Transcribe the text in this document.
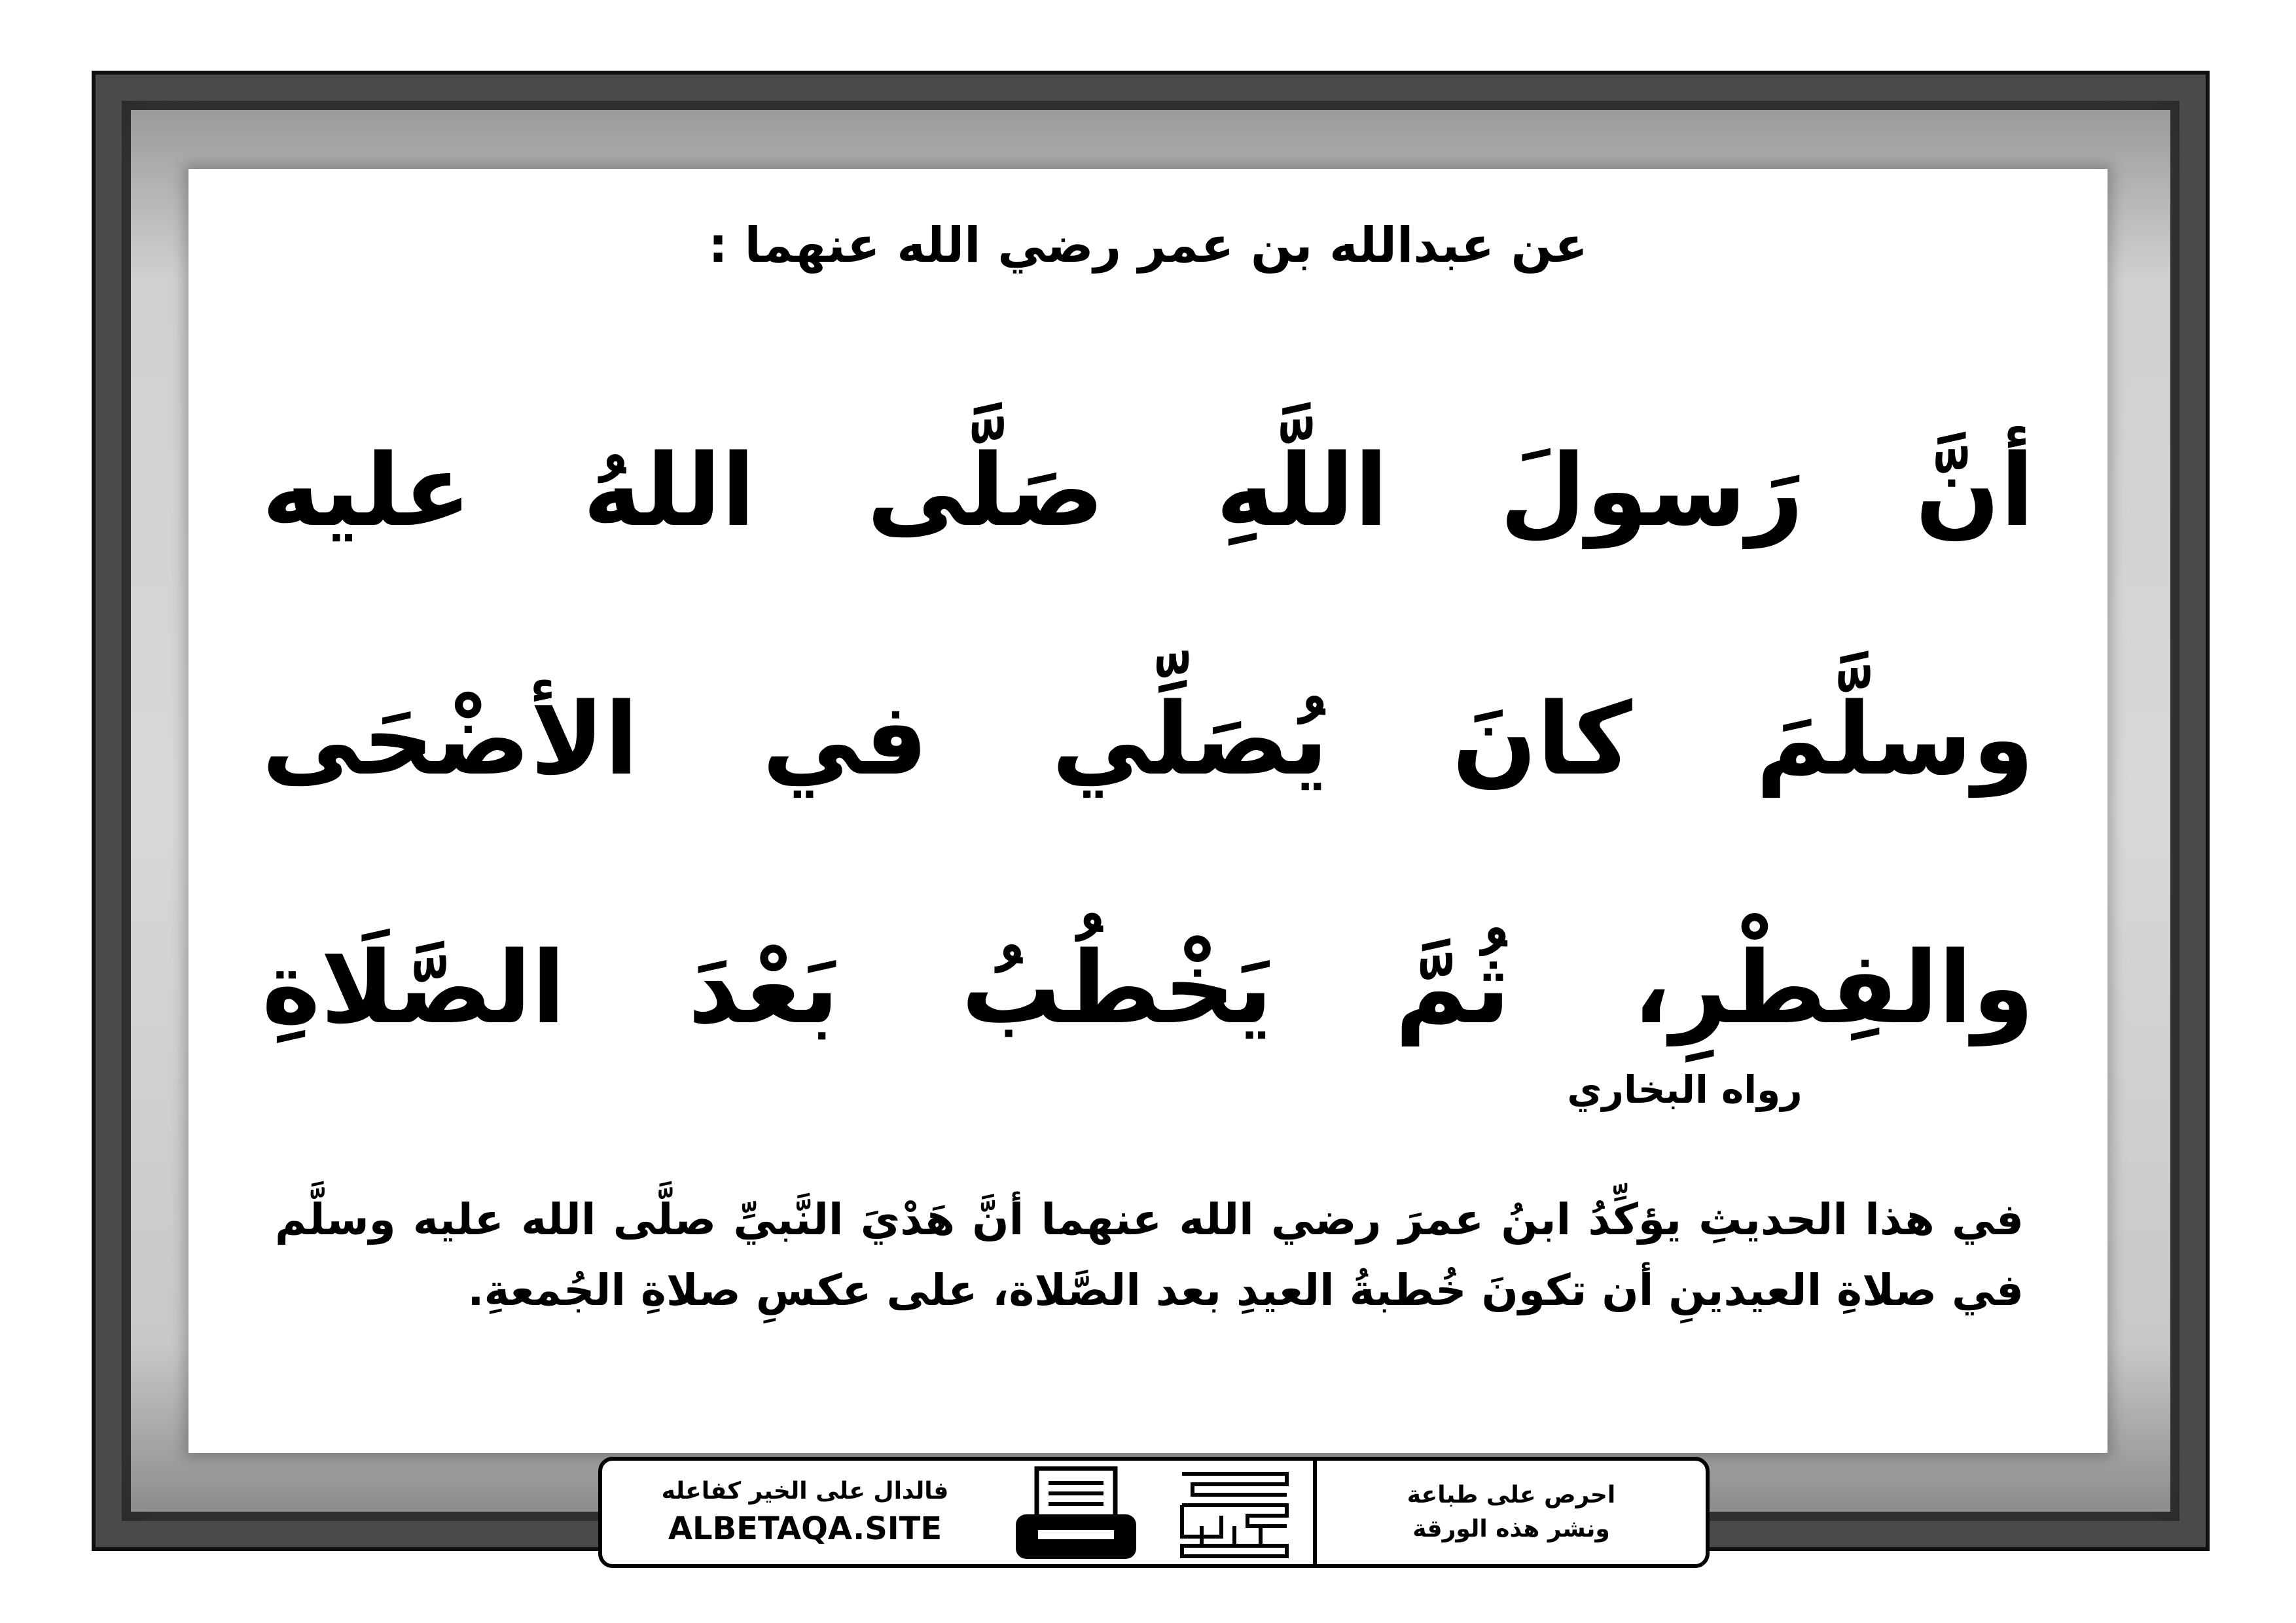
عن عبدالله بن عمر رضي الله عنهما :
أنَّ رَسولَ اللَّهِ صَلَّى اللهُ عليه
وسلَّمَ كانَ يُصَلِّي في الأضْحَى
والفِطْرِ، ثُمَّ يَخْطُبُ بَعْدَ الصَّلَاةِ
رواه البخاري
في هذا الحديثِ يؤكِّدُ ابنُ عمرَ رضي الله عنهما أنَّ هَدْيَ النَّبيِّ صلَّى الله عليه وسلَّم في صلاةِ العيدينِ أن تكونَ خُطبةُ العيدِ بعد الصَّلاة، على عكسِ صلاةِ الجُمعةِ.
فالدال على الخير كفاعله
ALBETAQA.SITE
احرص على طباعة
ونشر هذه الورقة
